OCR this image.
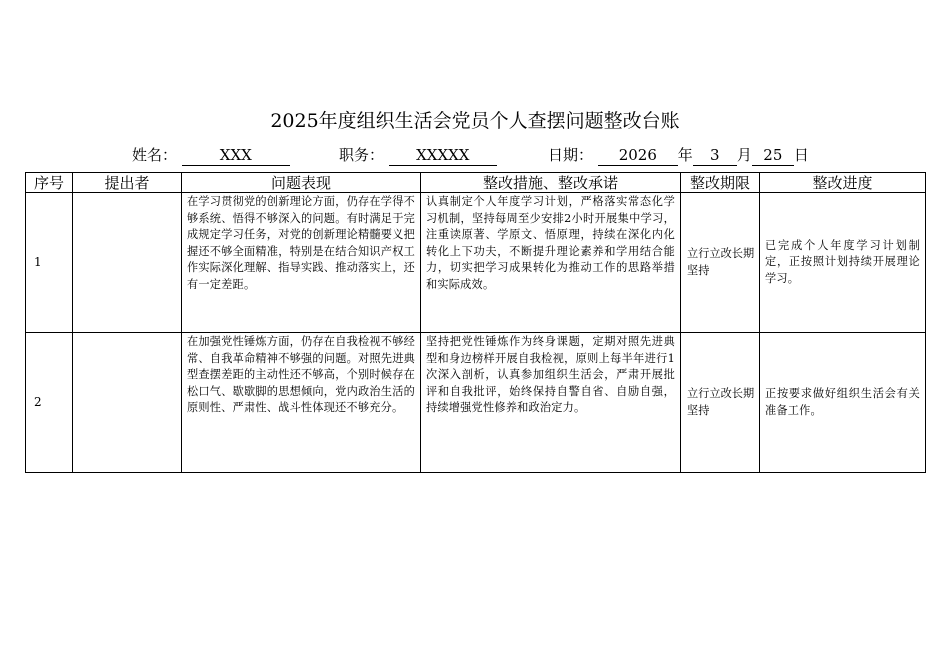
2025年度组织生活会党员个人查摆问题整改台账
姓名：	XXX	职务： XXXXX	日期： 2026 年 3 月 25 日
序号	提出者	问题表现	整改措施、整改承诺	整改期限	整改进度
1		在学习贯彻党的创新理论方面，仍存在学得不够系统、悟得不够深入的问题。有时满足于完成规定学习任务，对党的创新理论精髓要义把握还不够全面精准，特别是在结合知识产权工作实际深化理解、指导实践、推动落实上，还有一定差距。	认真制定个人年度学习计划，严格落实常态化学习机制，坚持每周至少安排2小时开展集中学习，注重读原著、学原文、悟原理，持续在深化内化转化上下功夫，不断提升理论素养和学用结合能力，切实把学习成果转化为推动工作的思路举措和实际成效。	立行立改长期坚持	已完成个人年度学习计划制定，正按照计划持续开展理论学习。
2		在加强党性锤炼方面，仍存在自我检视不够经常、自我革命精神不够强的问题。对照先进典型查摆差距的主动性还不够高，个别时候存在松口气、歇歇脚的思想倾向，党内政治生活的原则性、严肃性、战斗性体现还不够充分。	坚持把党性锤炼作为终身课题，定期对照先进典型和身边榜样开展自我检视，原则上每半年进行1次深入剖析，认真参加组织生活会，严肃开展批评和自我批评，始终保持自警自省、自励自强，持续增强党性修养和政治定力。	立行立改长期坚持	正按要求做好组织生活会有关准备工作。
